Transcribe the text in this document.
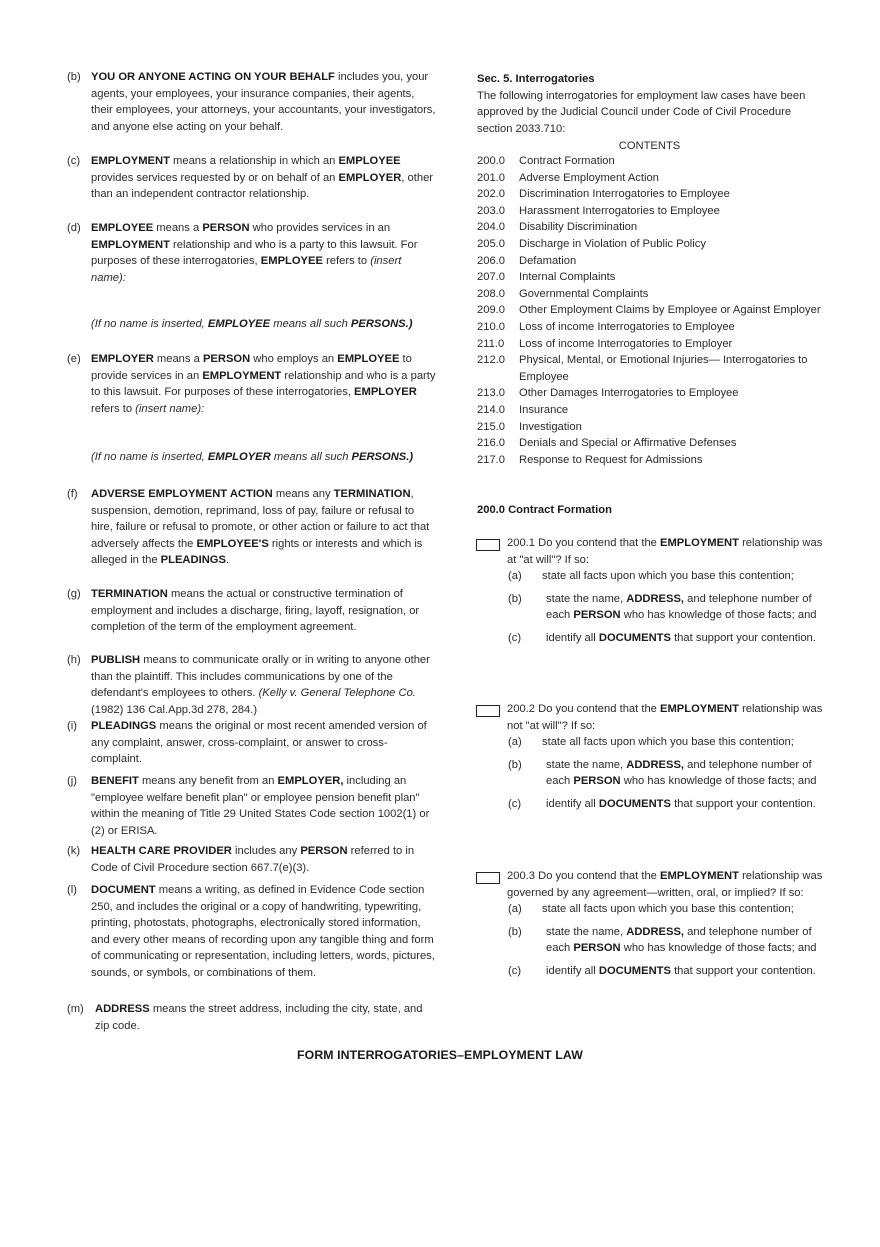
(b) YOU OR ANYONE ACTING ON YOUR BEHALF includes you, your agents, your employees, your insurance companies, their agents, their employees, your attorneys, your accountants, your investigators, and anyone else acting on your behalf.
(c) EMPLOYMENT means a relationship in which an EMPLOYEE provides services requested by or on behalf of an EMPLOYER, other than an independent contractor relationship.
(d) EMPLOYEE means a PERSON who provides services in an EMPLOYMENT relationship and who is a party to this lawsuit. For purposes of these interrogatories, EMPLOYEE refers to (insert name):
(If no name is inserted, EMPLOYEE means all such PERSONS.)
(e) EMPLOYER means a PERSON who employs an EMPLOYEE to provide services in an EMPLOYMENT relationship and who is a party to this lawsuit. For purposes of these interrogatories, EMPLOYER refers to (insert name):
(If no name is inserted, EMPLOYER means all such PERSONS.)
(f) ADVERSE EMPLOYMENT ACTION means any TERMINATION, suspension, demotion, reprimand, loss of pay, failure or refusal to hire, failure or refusal to promote, or other action or failure to act that adversely affects the EMPLOYEE'S rights or interests and which is alleged in the PLEADINGS.
(g) TERMINATION means the actual or constructive termination of employment and includes a discharge, firing, layoff, resignation, or completion of the term of the employment agreement.
(h) PUBLISH means to communicate orally or in writing to anyone other than the plaintiff. This includes communications by one of the defendant's employees to others. (Kelly v. General Telephone Co. (1982) 136 Cal.App.3d 278, 284.)
(i) PLEADINGS means the original or most recent amended version of any complaint, answer, cross-complaint, or answer to cross-complaint.
(j) BENEFIT means any benefit from an EMPLOYER, including an "employee welfare benefit plan" or employee pension benefit plan" within the meaning of Title 29 United States Code section 1002(1) or (2) or ERISA.
(k) HEALTH CARE PROVIDER includes any PERSON referred to in Code of Civil Procedure section 667.7(e)(3).
(l) DOCUMENT means a writing, as defined in Evidence Code section 250, and includes the original or a copy of handwriting, typewriting, printing, photostats, photographs, electronically stored information, and every other means of recording upon any tangible thing and form of communicating or representation, including letters, words, pictures, sounds, or symbols, or combinations of them.
(m) ADDRESS means the street address, including the city, state, and zip code.
Sec. 5. Interrogatories
The following interrogatories for employment law cases have been approved by the Judicial Council under Code of Civil Procedure section 2033.710:
CONTENTS
200.0 Contract Formation
201.0 Adverse Employment Action
202.0 Discrimination Interrogatories to Employee
203.0 Harassment Interrogatories to Employee
204.0 Disability Discrimination
205.0 Discharge in Violation of Public Policy
206.0 Defamation
207.0 Internal Complaints
208.0 Governmental Complaints
209.0 Other Employment Claims by Employee or Against Employer
210.0 Loss of income Interrogatories to Employee
211.0 Loss of income Interrogatories to Employer
212.0 Physical, Mental, or Emotional Injuries— Interrogatories to Employee
213.0 Other Damages Interrogatories to Employee
214.0 Insurance
215.0 Investigation
216.0 Denials and Special or Affirmative Defenses
217.0 Response to Request for Admissions
200.0 Contract Formation
200.1 Do you contend that the EMPLOYMENT relationship was at "at will"? If so:
(a) state all facts upon which you base this contention;
(b) state the name, ADDRESS, and telephone number of each PERSON who has knowledge of those facts; and
(c) identify all DOCUMENTS that support your contention.
200.2 Do you contend that the EMPLOYMENT relationship was not "at will"? If so:
(a) state all facts upon which you base this contention;
(b) state the name, ADDRESS, and telephone number of each PERSON who has knowledge of those facts; and
(c) identify all DOCUMENTS that support your contention.
200.3 Do you contend that the EMPLOYMENT relationship was governed by any agreement—written, oral, or implied? If so:
(a) state all facts upon which you base this contention;
(b) state the name, ADDRESS, and telephone number of each PERSON who has knowledge of those facts; and
(c) identify all DOCUMENTS that support your contention.
FORM INTERROGATORIES–EMPLOYMENT LAW
